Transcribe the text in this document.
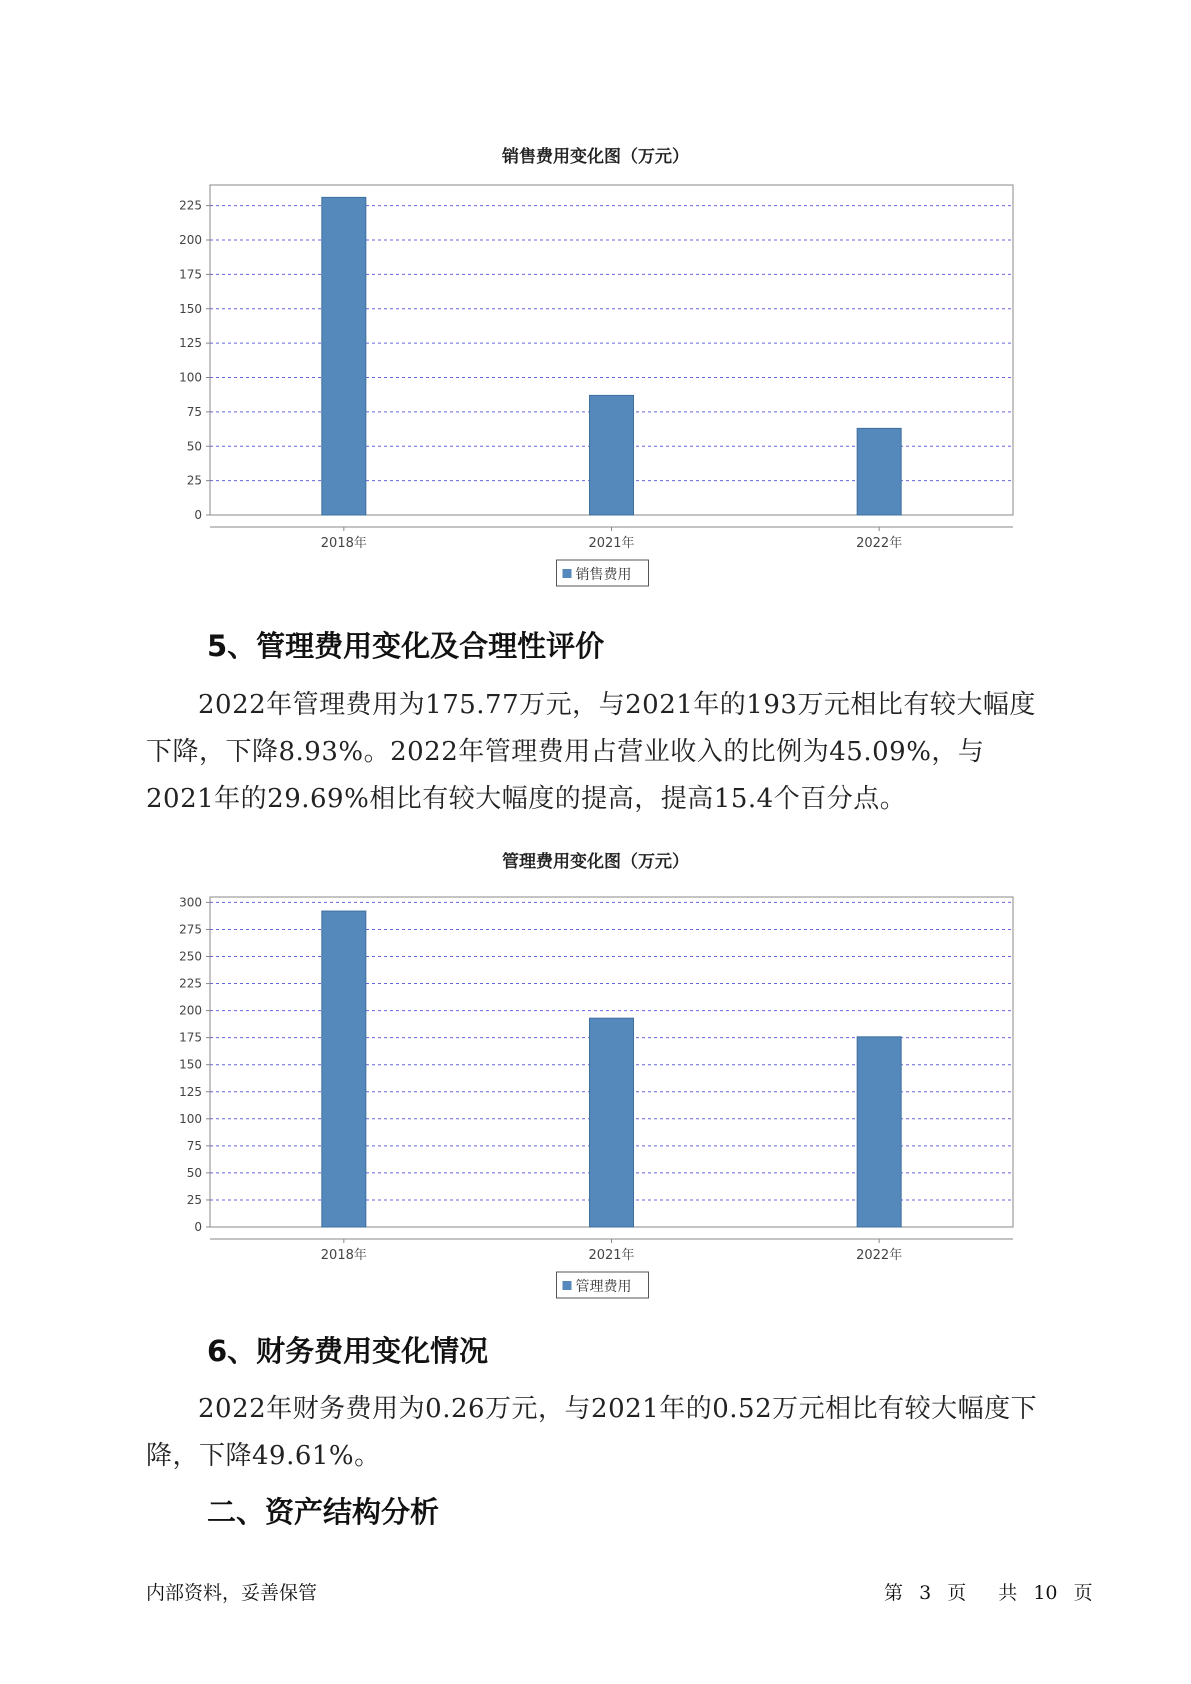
销售费用变化图（万元）
0
25
50
75
100
125
150
175
200
225
2018年	2021年	2022年
销售费用
5、管理费用变化及合理性评价
2022年管理费用为175.77万元，与2021年的193万元相比有较大幅度下降，下降8.93%。2022年管理费用占营业收入的比例为45.09%，与2021年的29.69%相比有较大幅度的提高，提高15.4个百分点。
管理费用变化图（万元）
0
25
50
75
100
125
150
175
200
225
250
275
300
2018年	2021年	2022年
管理费用
6、财务费用变化情况
2022年财务费用为0.26万元，与2021年的0.52万元相比有较大幅度下降，下降49.61%。
二、资产结构分析
内部资料，妥善保管	第 3 页 共 10 页
